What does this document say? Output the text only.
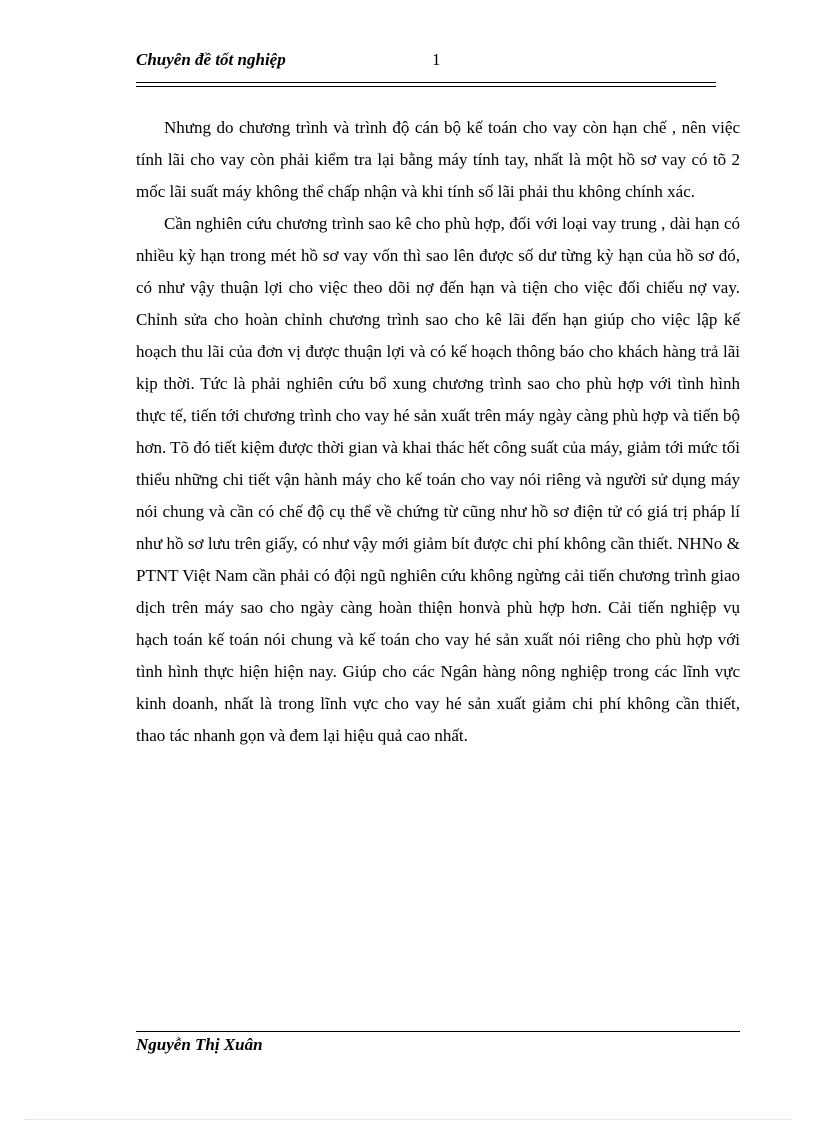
Chuyên đề tốt nghiệp	1

Nhưng do chương trình và trình độ cán bộ kế toán cho vay còn hạn chế , nên việc tính lãi cho vay còn phải kiểm tra lại bằng máy tính tay, nhất là một hồ sơ vay có tõ 2 mốc lãi suất máy không thể chấp nhận và khi tính số lãi phải thu không chính xác.

Cần nghiên cứu chương trình sao kê cho phù hợp, đối với loại vay trung , dài hạn có nhiều kỳ hạn trong mét hồ sơ vay vốn thì sao lên được số dư từng kỳ hạn của hồ sơ đó, có như vậy thuận lợi cho việc theo dõi nợ đến hạn và tiện cho việc đối chiếu nợ vay. Chỉnh sửa cho hoàn chỉnh chương trình sao cho kê lãi đến hạn giúp cho việc lập kế hoạch thu lãi của đơn vị được thuận lợi và có kế hoạch thông báo cho khách hàng trả lãi kịp thời. Tức là phải nghiên cứu bổ xung chương trình sao cho phù hợp với tình hình thực tế, tiến tới chương trình cho vay hé sản xuất trên máy ngày càng phù hợp và tiến bộ hơn. Tõ đó tiết kiệm được thời gian và khai thác hết công suất của máy, giảm tới mức tối thiểu những chi tiết vận hành máy cho kế toán cho vay nói riêng và người sử dụng máy nói chung và cần có chế độ cụ thể về chứng từ cũng như hồ sơ điện tử có giá trị pháp lí như hồ sơ lưu trên giấy, có như vậy mới giảm bít được chi phí không cần thiết. NHNo & PTNT Việt Nam cần phải có đội ngũ nghiên cứu không ngừng cải tiến chương trình giao dịch trên máy sao cho ngày càng hoàn thiện honvà phù hợp hơn. Cải tiến nghiệp vụ hạch toán kế toán nói chung và kế toán cho vay hé sản xuất nói riêng cho phù hợp với tình hình thực hiện hiện nay. Giúp cho các Ngân hàng nông nghiệp trong các lĩnh vực kinh doanh, nhất là trong lĩnh vực cho vay hé sản xuất giảm chi phí không cần thiết, thao tác nhanh gọn và đem lại hiệu quả cao nhất.

Nguyễn Thị Xuân
